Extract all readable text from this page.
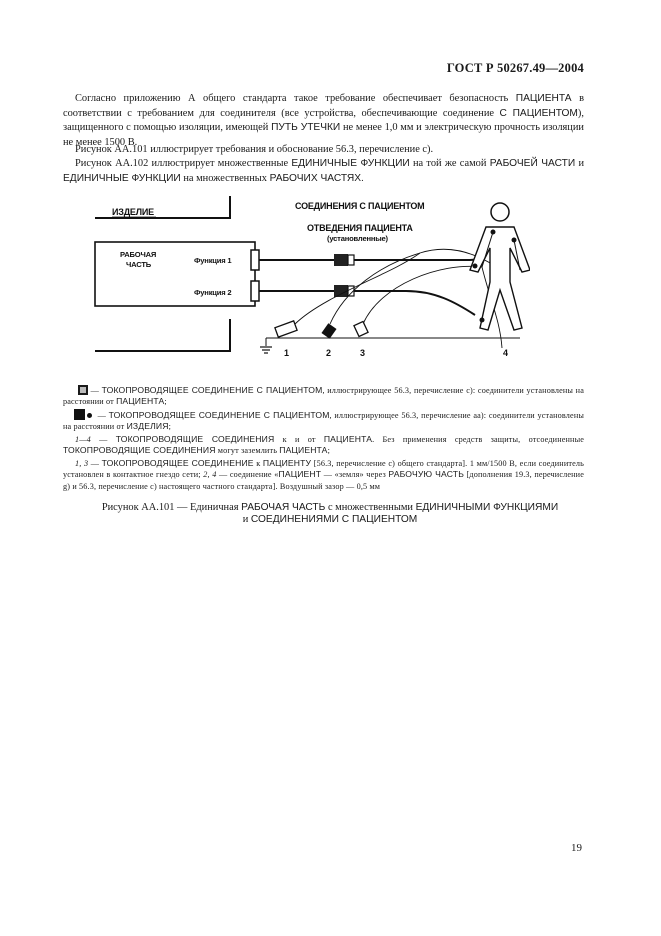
ГОСТ Р 50267.49—2004
Согласно приложению А общего стандарта такое требование обеспечивает безопасность ПАЦИЕНТА в соответствии с требованием для соединителя (все устройства, обеспечивающие соединение С ПАЦИЕНТОМ), защищенного с помощью изоляции, имеющей ПУТЬ УТЕЧКИ не менее 1,0 мм и электрическую прочность изоляции не менее 1500 В.
Рисунок АА.101 иллюстрирует требования и обоснование 56.3, перечисление с).
Рисунок АА.102 иллюстрирует множественные ЕДИНИЧНЫЕ ФУНКЦИИ на той же самой РАБОЧЕЙ ЧАСТИ и ЕДИНИЧНЫЕ ФУНКЦИИ на множественных РАБОЧИХ ЧАСТЯХ.
ИЗДЕЛИЕ
РАБОЧАЯ
ЧАСТЬ	Функция 1
Функция 2
СОЕДИНЕНИЯ С ПАЦИЕНТОМ
ОТВЕДЕНИЯ ПАЦИЕНТА
(установленные)
1	2	3	4
— ТОКОПРОВОДЯЩЕЕ СОЕДИНЕНИЕ С ПАЦИЕНТОМ, иллюстрирующее 56.3, перечисление с): соединители установлены на расстоянии от ПАЦИЕНТА;
— ТОКОПРОВОДЯЩЕЕ СОЕДИНЕНИЕ С ПАЦИЕНТОМ, иллюстрирующее 56.3, перечисление аа): соединители установлены на расстоянии от ИЗДЕЛИЯ;
1—4 — ТОКОПРОВОДЯЩИЕ СОЕДИНЕНИЯ к и от ПАЦИЕНТА. Без применения средств защиты, отсоединенные ТОКОПРОВОДЯЩИЕ СОЕДИНЕНИЯ могут заземлить ПАЦИЕНТА;
1, 3 — ТОКОПРОВОДЯЩЕЕ СОЕДИНЕНИЕ к ПАЦИЕНТУ [56.3, перечисление с) общего стандарта]. 1 мм/1500 В, если соединитель установлен в контактное гнездо сети; 2, 4 — соединение «ПАЦИЕНТ — «земля» через РАБОЧУЮ ЧАСТЬ [дополнения 19.3, перечисление g) и 56.3, перечисление с) настоящего частного стандарта]. Воздушный зазор — 0,5 мм
Рисунок АА.101 — Единичная РАБОЧАЯ ЧАСТЬ с множественными ЕДИНИЧНЫМИ ФУНКЦИЯМИ
и СОЕДИНЕНИЯМИ С ПАЦИЕНТОМ
19
